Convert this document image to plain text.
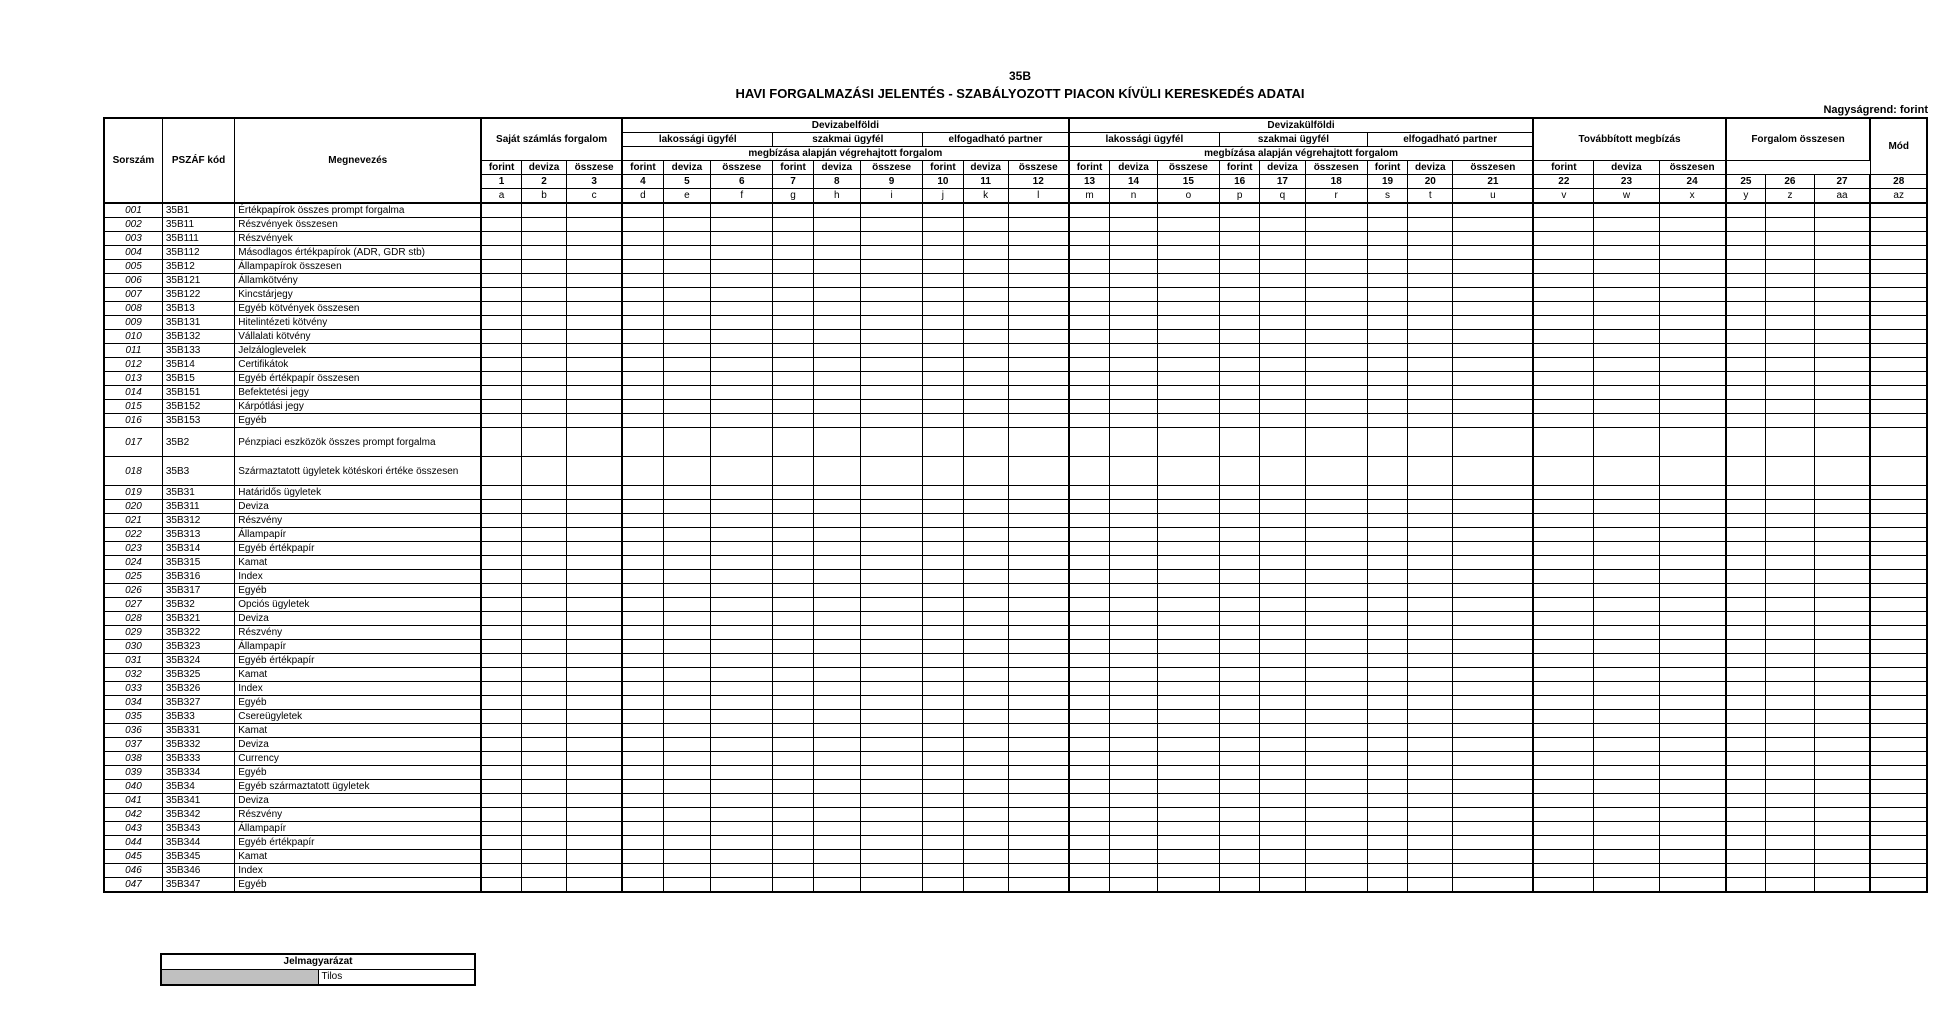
35B
HAVI FORGALMAZÁSI JELENTÉS - SZABÁLYOZOTT PIACON KÍVÜLI KERESKEDÉS ADATAI
Nagyságrend: forint
Sorszám	PSZÁF kód	Megnevezés	Saját számlás forgalom			Devizabelföldi									Devizakülföldi									Továbbított megbízás			Forgalom összesen			Mód
						lakossági ügyfél			szakmai ügyfél			elfogadható partner			lakossági ügyfél			szakmai ügyfél			elfogadható partner									
						megbízása alapján végrehajtott forgalom									megbízása alapján végrehajtott forgalom															
			forint	deviza	összese	forint	deviza	összese	forint	deviza	összese	forint	deviza	összese	forint	deviza	összese	forint	deviza	összesen	forint	deviza	összesen	forint	deviza	összesen				
			1	2	3	4	5	6	7	8	9	10	11	12	13	14	15	16	17	18	19	20	21	22	23	24	25	26	27	28
			a	b	c	d	e	f	g	h	i	j	k	l	m	n	o	p	q	r	s	t	u	v	w	x	y	z	aa	az
001	35B1	Értékpapírok összes prompt forgalma																												
002	35B11	Részvények összesen																												
003	35B111	Részvények																												
004	35B112	Másodlagos értékpapírok (ADR, GDR stb)																												
005	35B12	Állampapírok összesen																												
006	35B121	Államkötvény																												
007	35B122	Kincstárjegy																												
008	35B13	Egyéb kötvények összesen																												
009	35B131	Hitelintézeti kötvény																												
010	35B132	Vállalati kötvény																												
011	35B133	Jelzáloglevelek																												
012	35B14	Certifikátok																												
013	35B15	Egyéb értékpapír összesen																												
014	35B151	Befektetési jegy																												
015	35B152	Kárpótlási jegy																												
016	35B153	Egyéb																												
017	35B2	Pénzpiaci eszközök összes prompt forgalma																												
018	35B3	Származtatott ügyletek kötéskori értéke összesen																												
019	35B31	Határidős ügyletek																												
020	35B311	Deviza																												
021	35B312	Részvény																												
022	35B313	Állampapír																												
023	35B314	Egyéb értékpapír																												
024	35B315	Kamat																												
025	35B316	Index																												
026	35B317	Egyéb																												
027	35B32	Opciós ügyletek																												
028	35B321	Deviza																												
029	35B322	Részvény																												
030	35B323	Állampapír																												
031	35B324	Egyéb értékpapír																												
032	35B325	Kamat																												
033	35B326	Index																												
034	35B327	Egyéb																												
035	35B33	Csereügyletek																												
036	35B331	Kamat																												
037	35B332	Deviza																												
038	35B333	Currency																												
039	35B334	Egyéb																												
040	35B34	Egyéb származtatott ügyletek																												
041	35B341	Deviza																												
042	35B342	Részvény																												
043	35B343	Állampapír																												
044	35B344	Egyéb értékpapír																												
045	35B345	Kamat																												
046	35B346	Index																												
047	35B347	Egyéb																												
Jelmagyarázat
	Tilos
